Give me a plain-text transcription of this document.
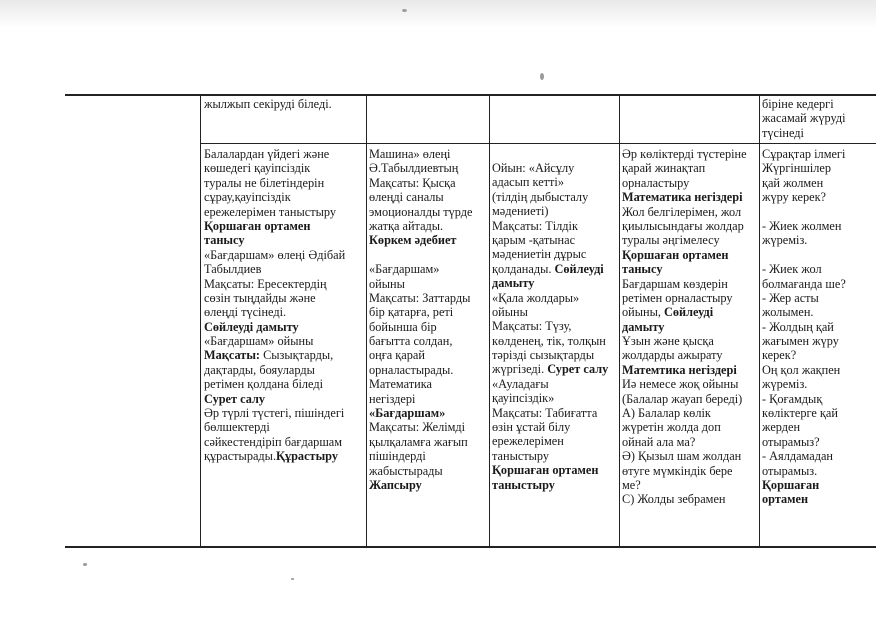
жылжып секіруді біледі.	біріне кедергі
жасамай жүруді
түсінеді
Балалардан үйдегі және
көшедегі қауіпсіздік
туралы не білетіндерін
сұрау,қауіпсіздік
ережелерімен таныстыру
Қоршаған ортамен
танысу
«Бағдаршам» өлеңі Әдібай
Табылдиев
Мақсаты: Ересектердің
сөзін тыңдайды және
өлеңді түсінеді.
Сөйлеуді дамыту
«Бағдаршам» ойыны
Мақсаты: Сызықтарды,
дақтарды, бояуларды
ретімен қолдана біледі
Сурет салу
Әр түрлі түстегі, пішіндегі
бөлшектерді
сәйкестендіріп бағдаршам
құрастырады.Құрастыру
Машина» өлеңі
Ә.Табылдиевтың
Мақсаты: Қысқа
өлеңді саналы
эмоционалды түрде
жатқа айтады.
Көркем әдебиет
«Бағдаршам»
ойыны
Мақсаты: Заттарды
бір қатарға, реті
бойынша бір
бағытта солдан,
оңға қарай
орналастырады.
Математика
негіздері
«Бағдаршам»
Мақсаты: Желімді
қылқаламға жағып
пішіндерді
жабыстырады
Жапсыру
Ойын: «Айсұлу
адасып кетті»
(тілдің дыбысталу
мәдениеті)
Мақсаты: Тілдік
қарым -қатынас
мәдениетін дұрыс
қолданады. Сөйлеуді
дамыту
«Қала жолдары»
ойыны
Мақсаты: Түзу,
көлденең, тік, толқын
тәрізді сызықтарды
жүргізеді. Сурет салу
«Ауладағы
қауіпсіздік»
Мақсаты: Табиғатта
өзін ұстай білу
ережелерімен
таныстыру
Қоршаған ортамен
таныстыру
Әр көліктерді түстеріне
қарай жинақтап
орналастыру
Математика негіздері
Жол белгілерімен, жол
қиылысындағы жолдар
туралы әңгімелесу
Қоршаған ортамен
танысу
Бағдаршам көздерін
ретімен орналастыру
ойыны, Сөйлеуді
дамыту
Ұзын және қысқа
жолдарды ажырату
Матемтика негіздері
Иә немесе жоқ ойыны
(Балалар жауап береді)
А) Балалар көлік
жүретін жолда доп
ойнай ала ма?
Ә) Қызыл шам жолдан
өтуге мүмкіндік бере
ме?
С) Жолды зебрамен
Сұрақтар ілмегі
Жүргіншілер
қай жолмен
жүру керек?
- Жиек жолмен
жүреміз.
- Жиек жол
болмағанда ше?
- Жер асты
жолымен.
- Жолдың қай
жағымен жүру
керек?
Оң қол жақпен
жүреміз.
- Қоғамдық
көліктерге қай
жерден
отырамыз?
- Аялдамадан
отырамыз.
Қоршаған
ортамен
